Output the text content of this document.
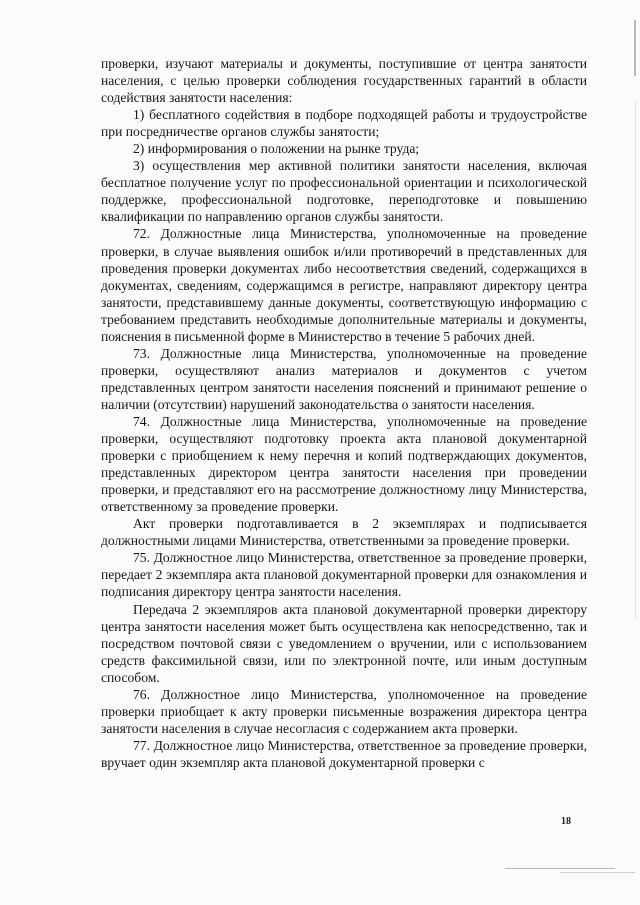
проверки, изучают материалы и документы, поступившие от центра занятости населения, с целью проверки соблюдения государственных гарантий в области содействия занятости населения:

1) бесплатного содействия в подборе подходящей работы и трудоустройстве при посредничестве органов службы занятости;

2) информирования о положении на рынке труда;

3) осуществления мер активной политики занятости населения, включая бесплатное получение услуг по профессиональной ориентации и психологической поддержке, профессиональной подготовке, переподготовке и повышению квалификации по направлению органов службы занятости.

72. Должностные лица Министерства, уполномоченные на проведение проверки, в случае выявления ошибок и/или противоречий в представленных для проведения проверки документах либо несоответствия сведений, содержащихся в документах, сведениям, содержащимся в регистре, направляют директору центра занятости, представившему данные документы, соответствующую информацию с требованием представить необходимые дополнительные материалы и документы, пояснения в письменной форме в Министерство в течение 5 рабочих дней.

73. Должностные лица Министерства, уполномоченные на проведение проверки, осуществляют анализ материалов и документов с учетом представленных центром занятости населения пояснений и принимают решение о наличии (отсутствии) нарушений законодательства о занятости населения.

74. Должностные лица Министерства, уполномоченные на проведение проверки, осуществляют подготовку проекта акта плановой документарной проверки с приобщением к нему перечня и копий подтверждающих документов, представленных директором центра занятости населения при проведении проверки, и представляют его на рассмотрение должностному лицу Министерства, ответственному за проведение проверки.

Акт проверки подготавливается в 2 экземплярах и подписывается должностными лицами Министерства, ответственными за проведение проверки.

75. Должностное лицо Министерства, ответственное за проведение проверки, передает 2 экземпляра акта плановой документарной проверки для ознакомления и подписания директору центра занятости населения.

Передача 2 экземпляров акта плановой документарной проверки директору центра занятости населения может быть осуществлена как непосредственно, так и посредством почтовой связи с уведомлением о вручении, или с использованием средств факсимильной связи, или по электронной почте, или иным доступным способом.

76. Должностное лицо Министерства, уполномоченное на проведение проверки приобщает к акту проверки письменные возражения директора центра занятости населения в случае несогласия с содержанием акта проверки.

77. Должностное лицо Министерства, ответственное за проведение проверки, вручает один экземпляр акта плановой документарной проверки с

18
